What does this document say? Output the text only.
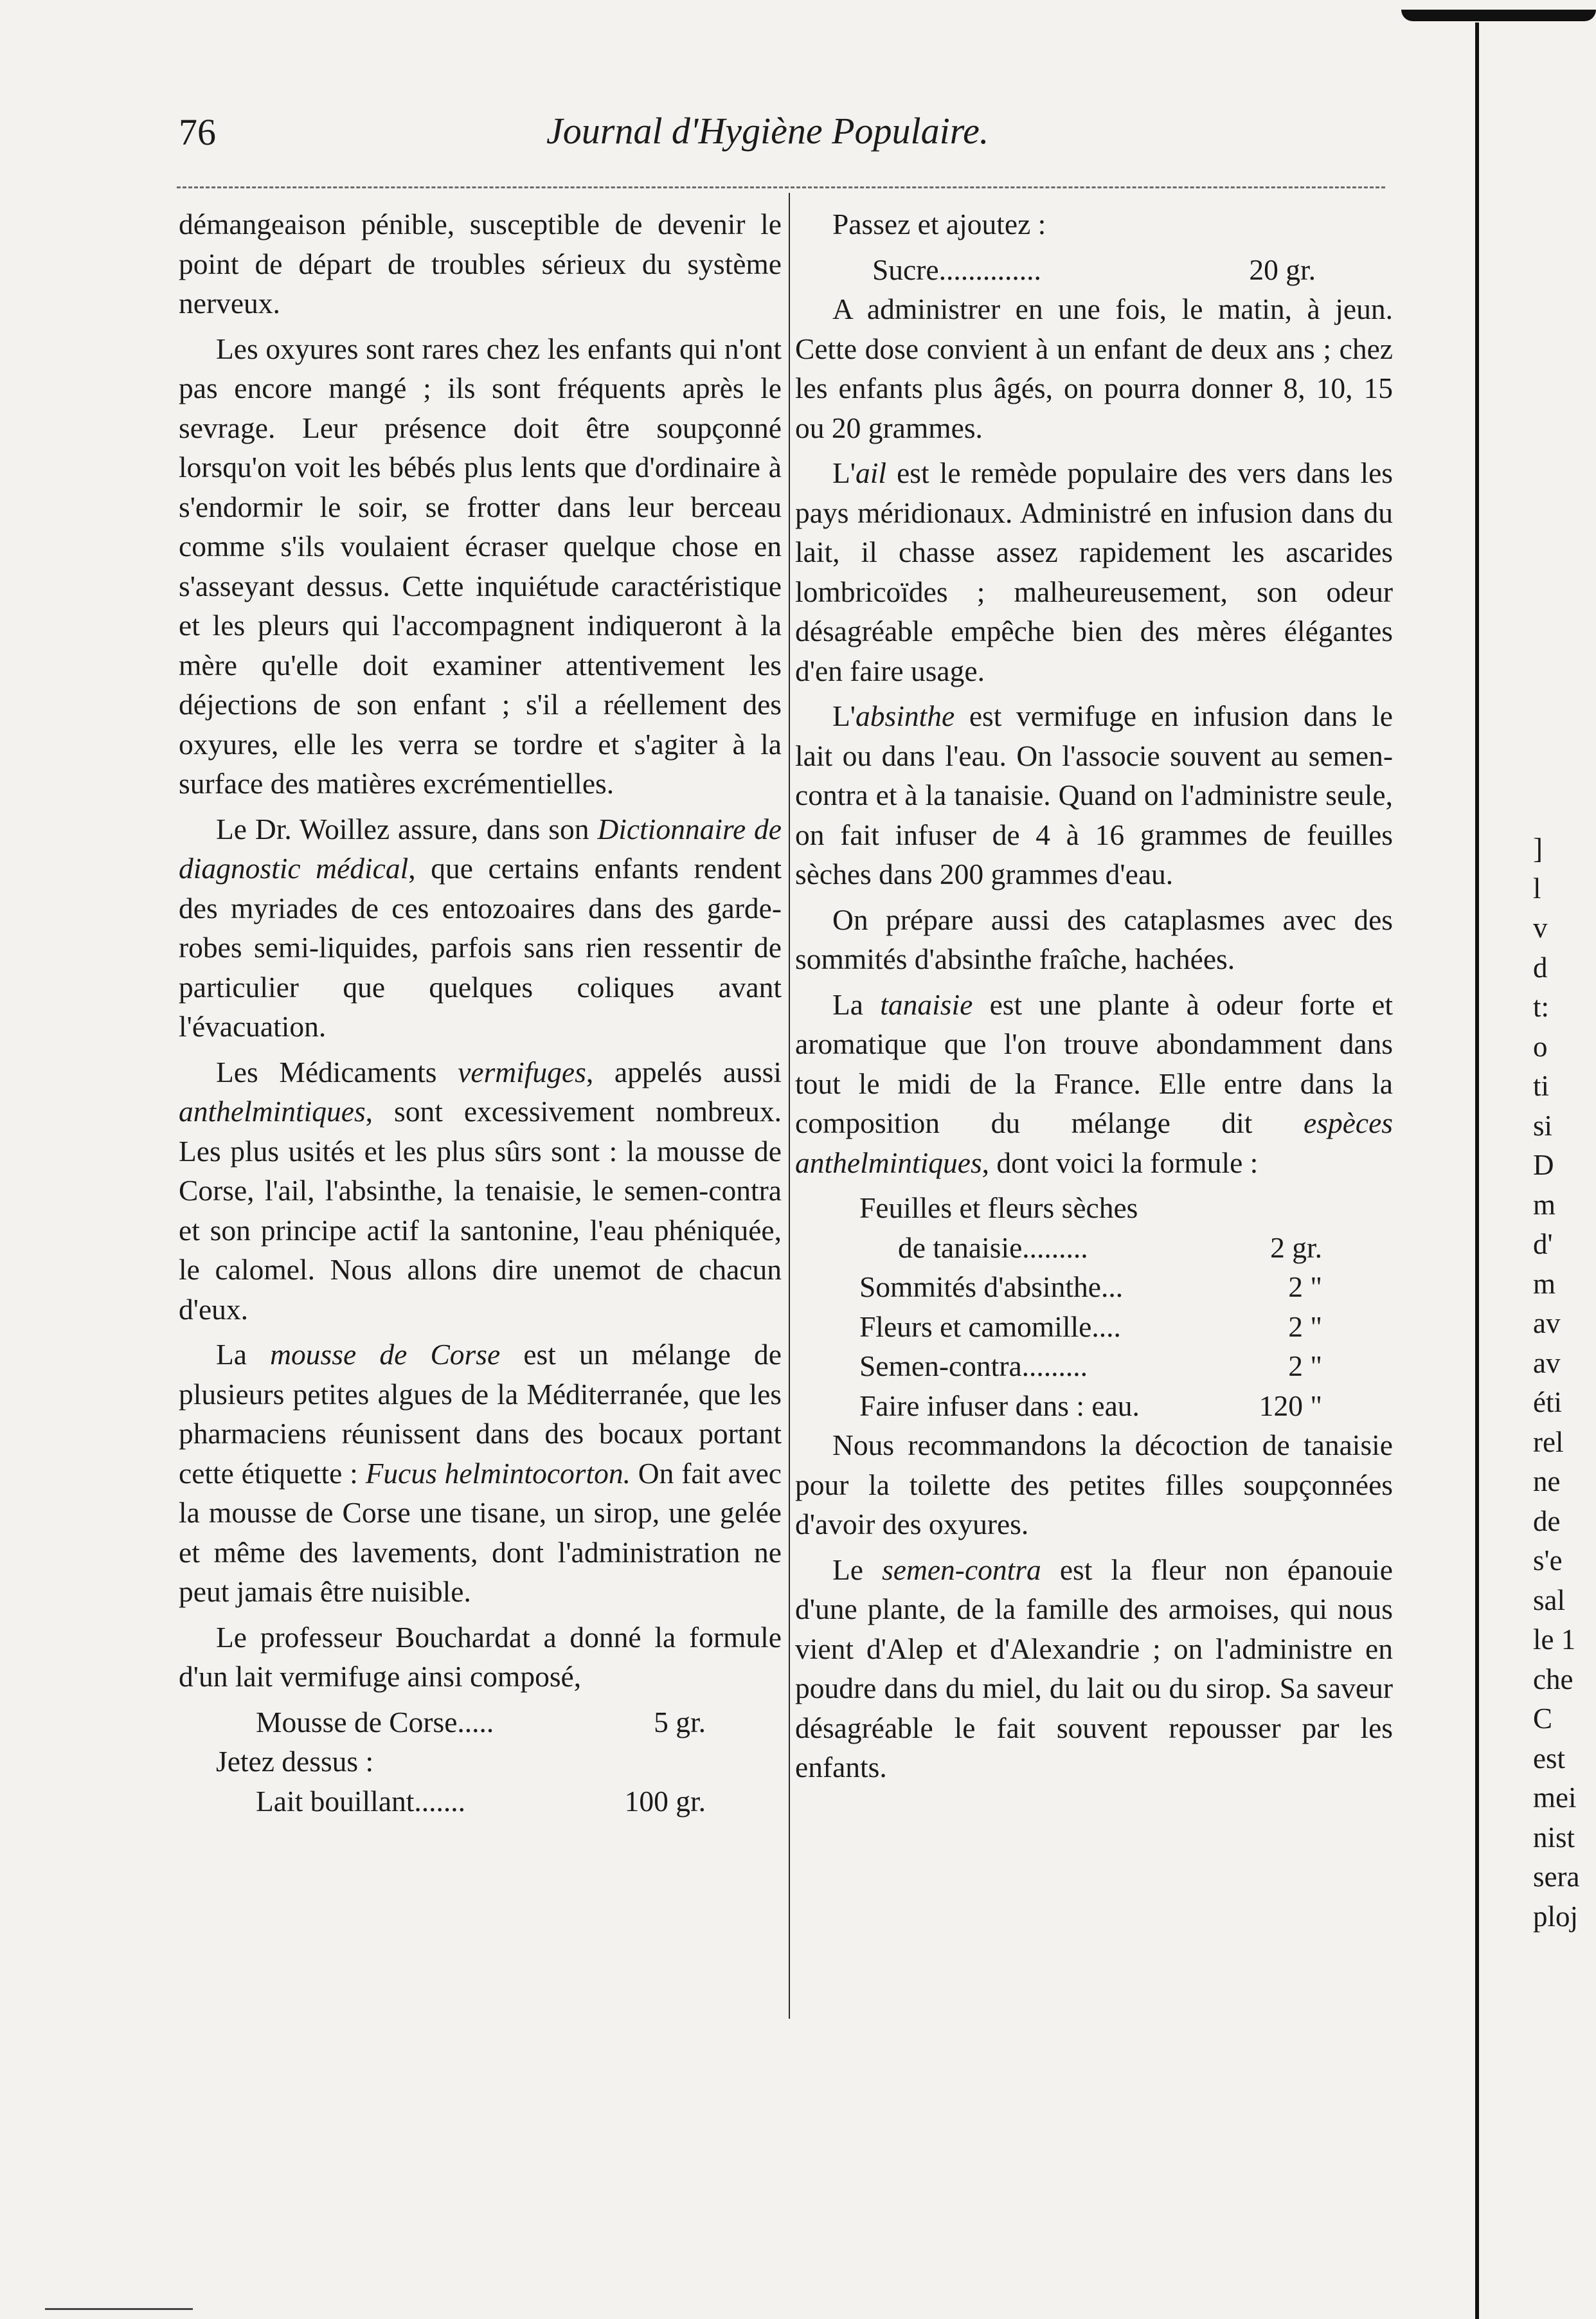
76	Journal d'Hygiène Populaire.

démangeaison pénible, susceptible de devenir le point de départ de troubles sérieux du système nerveux.

Les oxyures sont rares chez les enfants qui n'ont pas encore mangé ; ils sont fréquents après le sevrage. Leur présence doit être soupçonné lorsqu'on voit les bébés plus lents que d'ordinaire à s'endormir le soir, se frotter dans leur berceau comme s'ils voulaient écraser quelque chose en s'asseyant dessus. Cette inquiétude caractéristique et les pleurs qui l'accompagnent indiqueront à la mère qu'elle doit examiner attentivement les déjections de son enfant ; s'il a réellement des oxyures, elle les verra se tordre et s'agiter à la surface des matières excrémentielles.

Le Dr. Woillez assure, dans son Dictionnaire de diagnostic médical, que certains enfants rendent des myriades de ces entozoaires dans des garde-robes semi-liquides, parfois sans rien ressentir de particulier que quelques coliques avant l'évacuation.

Les Médicaments vermifuges, appelés aussi anthelmintiques, sont excessivement nombreux. Les plus usités et les plus sûrs sont : la mousse de Corse, l'ail, l'absinthe, la tenaisie, le semen-contra et son principe actif la santonine, l'eau phéniquée, le calomel. Nous allons dire unemot de chacun d'eux.

La mousse de Corse est un mélange de plusieurs petites algues de la Méditerranée, que les pharmaciens réunissent dans des bocaux portant cette étiquette : Fucus helmintocorton. On fait avec la mousse de Corse une tisane, un sirop, une gelée et même des lavements, dont l'administration ne peut jamais être nuisible.

Le professeur Bouchardat a donné la formule d'un lait vermifuge ainsi composé,

Mousse de Corse.....	5 gr.
Jetez dessus :
Lait bouillant.......	100 gr.

Passez et ajoutez :

Sucre..............	20 gr.

A administrer en une fois, le matin, à jeun. Cette dose convient à un enfant de deux ans ; chez les enfants plus âgés, on pourra donner 8, 10, 15 ou 20 grammes.

L'ail est le remède populaire des vers dans les pays méridionaux. Administré en infusion dans du lait, il chasse assez rapidement les ascarides lombricoïdes ; malheureusement, son odeur désagréable empêche bien des mères élégantes d'en faire usage.

L'absinthe est vermifuge en infusion dans le lait ou dans l'eau. On l'associe souvent au semen-contra et à la tanaisie. Quand on l'administre seule, on fait infuser de 4 à 16 grammes de feuilles sèches dans 200 grammes d'eau.

On prépare aussi des cataplasmes avec des sommités d'absinthe fraîche, hachées.

La tanaisie est une plante à odeur forte et aromatique que l'on trouve abondamment dans tout le midi de la France. Elle entre dans la composition du mélange dit espèces anthelmintiques, dont voici la formule :

Feuilles et fleurs sèches
de tanaisie.........	2 gr.
Sommités d'absinthe...	2 "
Fleurs et camomille....	2 "
Semen-contra.........	2 "
Faire infuser dans : eau.	120 "

Nous recommandons la décoction de tanaisie pour la toilette des petites filles soupçonnées d'avoir des oxyures.

Le semen-contra est la fleur non épanouie d'une plante, de la famille des armoises, qui nous vient d'Alep et d'Alexandrie ; on l'administre en poudre dans du miel, du lait ou du sirop. Sa saveur désagréable le fait souvent repousser par les enfants.

]
l
v
d
t:
o
ti
si
D
m
d'
m
av
av
éti
rel
ne
de
s'e
sal
le 1
che
C
est
mei
nist
sera
ploj
